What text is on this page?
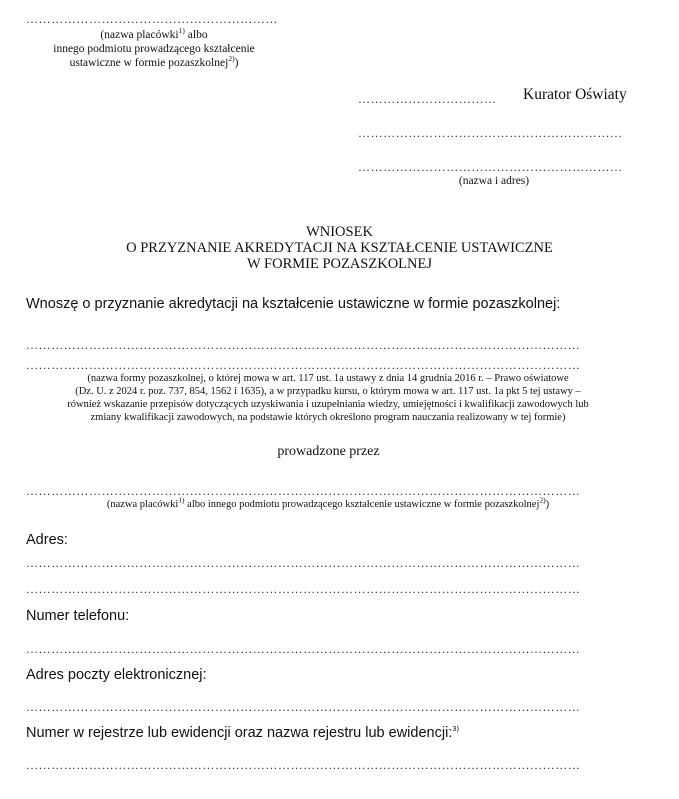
……………………………………………………
(nazwa placówki$^{1)}$ albo
innego podmiotu prowadzącego kształcenie
ustawiczne w formie pozaszkolnej$^{2)}$)
……………………………	Kurator Oświaty
………………………………………………………
………………………………………………………
(nazwa i adres)
WNIOSEK
O PRZYZNANIE AKREDYTACJI NA KSZTAŁCENIE USTAWICZNE
W FORMIE POZASZKOLNEJ
Wnoszę o przyznanie akredytacji na kształcenie ustawiczne w formie pozaszkolnej:
……………………………………………………………………………………………………………………
……………………………………………………………………………………………………………………
(nazwa formy pozaszkolnej, o której mowa w art. 117 ust. 1a ustawy z dnia 14 grudnia 2016 r. – Prawo oświatowe
(Dz. U. z 2024 r. poz. 737, 854, 1562 i 1635), a w przypadku kursu, o którym mowa w art. 117 ust. 1a pkt 5 tej ustawy –
również wskazanie przepisów dotyczących uzyskiwania i uzupełniania wiedzy, umiejętności i kwalifikacji zawodowych lub
zmiany kwalifikacji zawodowych, na podstawie których określono program nauczania realizowany w tej formie)
prowadzone przez
……………………………………………………………………………………………………………………
(nazwa placówki$^{1)}$ albo innego podmiotu prowadzącego kształcenie ustawiczne w formie pozaszkolnej$^{2)}$)
Adres:
……………………………………………………………………………………………………………………
……………………………………………………………………………………………………………………
Numer telefonu:
……………………………………………………………………………………………………………………
Adres poczty elektronicznej:
……………………………………………………………………………………………………………………
Numer w rejestrze lub ewidencji oraz nazwa rejestru lub ewidencji:$^{3)}$
……………………………………………………………………………………………………………………
